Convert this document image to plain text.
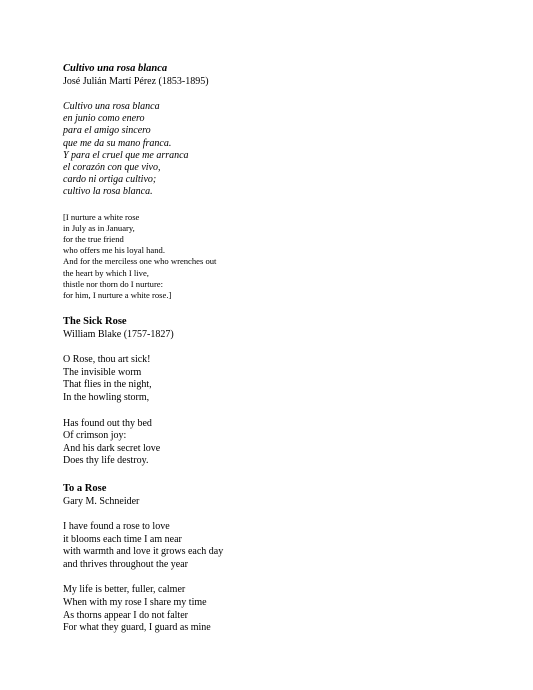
Cultivo una rosa blanca
José Julián Martí Pérez (1853-1895)
Cultivo una rosa blanca
en junio como enero
para el amigo sincero
que me da su mano franca.
Y para el cruel que me arranca
el corazón con que vivo,
cardo ni ortiga cultivo;
cultivo la rosa blanca.
[I nurture a white rose
in July as in January,
for the true friend
who offers me his loyal hand.
And for the merciless one who wrenches out
the heart by which I live,
thistle nor thorn do I nurture:
for him, I nurture a white rose.]
The Sick Rose
William Blake (1757-1827)
O Rose, thou art sick!
The invisible worm
That flies in the night,
In the howling storm,
Has found out thy bed
Of crimson joy:
And his dark secret love
Does thy life destroy.
To a Rose
Gary M. Schneider
I have found a rose to love
it blooms each time I am near
with warmth and love it grows each day
and thrives throughout the year
My life is better, fuller, calmer
When with my rose I share my time
As thorns appear I do not falter
For what they guard, I guard as mine
